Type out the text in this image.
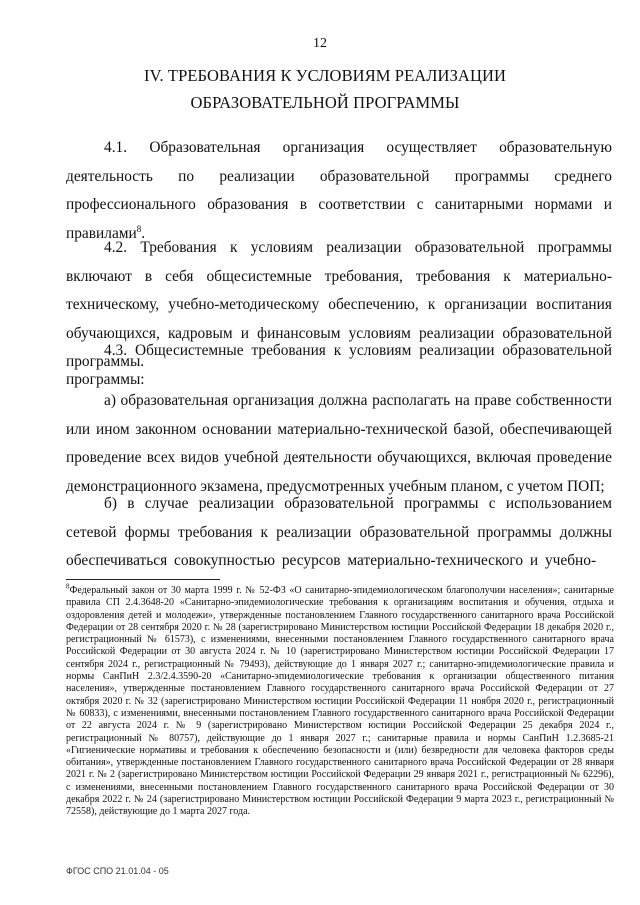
12
IV. ТРЕБОВАНИЯ К УСЛОВИЯМ РЕАЛИЗАЦИИ ОБРАЗОВАТЕЛЬНОЙ ПРОГРАММЫ
4.1. Образовательная организация осуществляет образовательную деятельность по реализации образовательной программы среднего профессионального образования в соответствии с санитарными нормами и правилами$^8$.
4.2. Требования к условиям реализации образовательной программы включают в себя общесистемные требования, требования к материально-техническому, учебно-методическому обеспечению, к организации воспитания обучающихся, кадровым и финансовым условиям реализации образовательной программы.
4.3. Общесистемные требования к условиям реализации образовательной программы:
а) образовательная организация должна располагать на праве собственности или ином законном основании материально-технической базой, обеспечивающей проведение всех видов учебной деятельности обучающихся, включая проведение демонстрационного экзамена, предусмотренных учебным планом, с учетом ПОП;
б) в случае реализации образовательной программы с использованием сетевой формы требования к реализации образовательной программы должны обеспечиваться совокупностью ресурсов материально-технического и учебно-
$^8$Федеральный закон от 30 марта 1999 г. № 52-ФЗ «О санитарно-эпидемиологическом благополучии населения»; санитарные правила СП 2.4.3648-20 «Санитарно-эпидемиологические требования к организациям воспитания и обучения, отдыха и оздоровления детей и молодежи», утвержденные постановлением Главного государственного санитарного врача Российской Федерации от 28 сентября 2020 г. № 28 (зарегистрировано Министерством юстиции Российской Федерации 18 декабря 2020 г., регистрационный № 61573), с изменениями, внесенными постановлением Главного государственного санитарного врача Российской Федерации от 30 августа 2024 г. № 10 (зарегистрировано Министерством юстиции Российской Федерации 17 сентября 2024 г., регистрационный № 79493), действующие до 1 января 2027 г.; санитарно-эпидемиологические правила и нормы СанПиН 2.3/2.4.3590-20 «Санитарно-эпидемиологические требования к организации общественного питания населения», утвержденные постановлением Главного государственного санитарного врача Российской Федерации от 27 октября 2020 г. № 32 (зарегистрировано Министерством юстиции Российской Федерации 11 ноября 2020 г., регистрационный № 60833), с изменениями, внесенными постановлением Главного государственного санитарного врача Российской Федерации от 22 августа 2024 г. № 9 (зарегистрировано Министерством юстиции Российской Федерации 25 декабря 2024 г., регистрационный № 80757), действующие до 1 января 2027 г.; санитарные правила и нормы СанПиН 1.2.3685-21 «Гигиенические нормативы и требования к обеспечению безопасности и (или) безвредности для человека факторов среды обитания», утвержденные постановлением Главного государственного санитарного врача Российской Федерации от 28 января 2021 г. № 2 (зарегистрировано Министерством юстиции Российской Федерации 29 января 2021 г., регистрационный № 62296), с изменениями, внесенными постановлением Главного государственного санитарного врача Российской Федерации от 30 декабря 2022 г. № 24 (зарегистрировано Министерством юстиции Российской Федерации 9 марта 2023 г., регистрационный № 72558), действующие до 1 марта 2027 года.
ФГОС СПО 21.01.04 - 05
